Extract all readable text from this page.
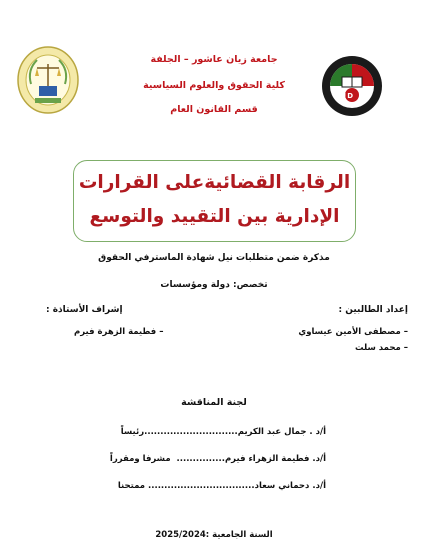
جامعة زيان عاشور – الجلفة
كلية الحقوق والعلوم السياسية
قسم القانون العام
U D
الرقابة القضائيةعلى القرارات
الإدارية بين التقييد والتوسع
مذكرة ضمن متطلبات نيل شهادة الماسترفي الحقوق
تخصص: دولة ومؤسسات
إعداد الطالبين :
– مصطفى الأمين عيساوي
– محمد سلت
إشراف الأستاذة :
– فطيمة الزهرة فيرم
لجنة المناقشة
أ/د . جمال عبد الكريم.............................رئيساً
أ/د. فطيمة الزهراء فيرم...............  مشرفا ومقرراً
أ/د. دحماني سعاد................................. ممتحنا
السنة الجامعية :2025/2024
